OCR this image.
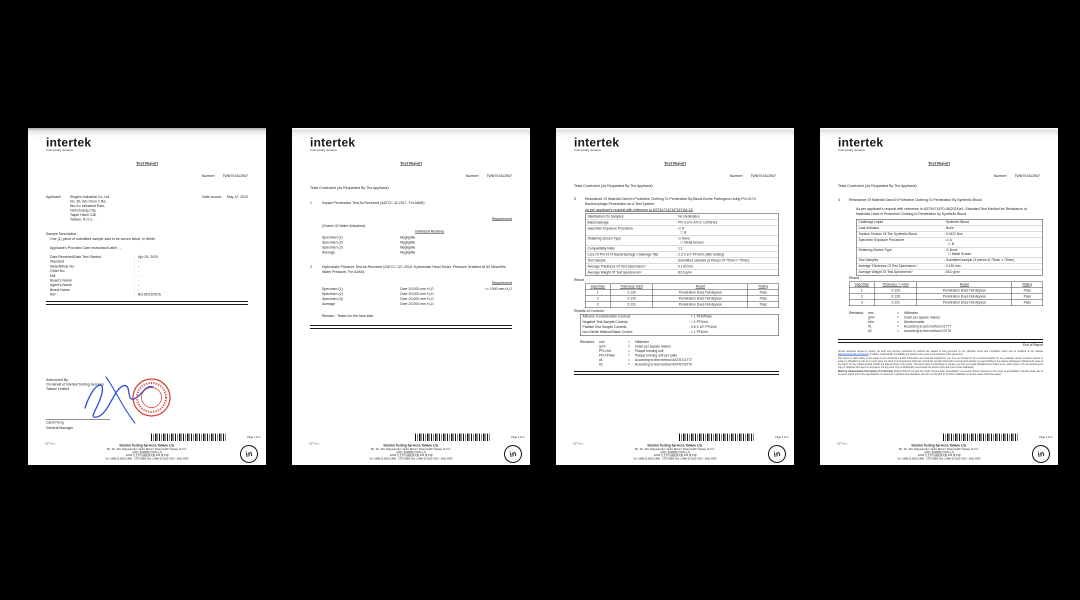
intertek
Total Quality. Assured.
Test Report
Number: TWNT01813957
Date Issued: May 12, 2020
Applicant: Singtex Industrial Co.,Ltd.
No. 30, Wu-Chun 2 Rd.,
Wu-Ku Industrial Park,
Hsinchuang City,
Taipei Hsien 248,
Taiwan, R.O.C.
Sample Description :
One (1) piece of submitted sample said to be woven fabric, in White.
Applicant's Provided Care Instruction/Label : -
Date Received/Date Test Started :	Apr 29, 2020
Standard :	-
Style/Article No. :	-
Order No. :	-
Mill :	-
Buyer's Name :	-
Agent's Name :	-
Brand Name :	-
Ref. :	BG-B02100C6
Authorized By:
On behalf of Intertek Testing Services
Taiwan Limited
Carol Peng
General Manager
ABT/smu
Page 1 of 4
Intertek Testing Services Taiwan Ltd.
8F., No. 423, Ruiguang Rd., Neihu District, Taipei 11492, Taiwan, R.O.C.
全國公證檢驗股份有限公司
11492 台北市內湖區瑞光路 423 號 8 樓
Tel: (+886-2) 6602-2888 · 2797-8885 Fax: (+886-2) 6602-2410 · 6602-2467
in
intertek
Total Quality. Assured.
Test Report
Number: TWNT01813957
Tests Conducted (As Requested By The Applicant):
1 Impact Penetration Test As Received (AATCC 42-2017, For AAMI):
Requirement
(Grams Of Water Absorbed)
Individual Reading
Specimen (1)	Negligible
Specimen (2)	Negligible
Specimen (3)	Negligible
Average	Negligible
2 Hydrostatic Pressure Test As Received (AATCC 127-2018, Hydrostatic Head Tester, Pressure Gradient At 60 Mbar/Min Water Pressure, For AAMI):
Requirement
>= 1000 mm H₂O
Specimen (1)	Over 20,000 mm H₂O
Specimen (2)	Over 20,000 mm H₂O
Specimen (3)	Over 20,000 mm H₂O
Average	Over 20,000 mm H₂O
Remark : Tested on the face side.
ABT/smu
Page 2 of 4
Intertek Testing Services Taiwan Ltd.
8F., No. 423, Ruiguang Rd., Neihu District, Taipei 11492, Taiwan, R.O.C.
全國公證檢驗股份有限公司
11492 台北市內湖區瑞光路 423 號 8 樓
Tel: (+886-2) 6602-2888 · 2797-8885 Fax: (+886-2) 6602-2410 · 6602-2467
in
intertek
Total Quality. Assured.
Test Report
Number: TWNT01813957
Tests Conducted (As Requested By The Applicant):
3 Resistance Of Material Used In Protective Clothing To Penetration By Blood-Borne Pathogens Using Phi-X174 Bacteriophage Penetration As A Test System:
As per applicant's request with reference to ASTM F1671/F1671M-13:
Sterilization On Samples	: No sterilization
Bacteriophage	: Phi-X174, ATCC 13706-B1
Specimen Exposure Procedure	: ☑ A
☐ B
Retaining Screen Type	: ☑ None
☐ Metal Screen
Compatibility Ratio	: 1:1
Loss Of Phi-X174 Bacteriophage Challenge Titer	: 2.3 X 10⁸ PFU/ml (after testing)
Test Sample	: Submitted samples (3 Pieces Of 75mm × 75mm)
Average Thickness Of Test Specimens⁽¹⁾	: 0.130 mm
Average Weight Of Test Specimens⁽²⁾	: 83.0 g/m²
Result :
Specimen	Thickness (mm)	Result	Rating
1	0.130	Penetration Does Not Appear	Pass
2	0.130	Penetration Does Not Appear	Pass
3	0.131	Penetration Does Not Appear	Pass
Results of Controls :
Airborne Contamination Controls	: < 1 PFU/Plate
Negative Test Sample Controls	: < 1 PFU/ml
Positive Test Sample Controls	: 3.6 X 10⁷ PFU/ml
Non-Sterile Material Blank Control	: < 1 PFU/ml
Remarks: mm =	Millimeter
g/m² =	Gram per square meters
PFU /ml =	Plaque forming unit
PFU /Plate =	Plaque forming unit per plate
#1 =	According to test method ASTM D1777
#2 =	According to test method ASTM D3776
ABT/smu
Page 3 of 4
Intertek Testing Services Taiwan Ltd.
8F., No. 423, Ruiguang Rd., Neihu District, Taipei 11492, Taiwan, R.O.C.
全國公證檢驗股份有限公司
11492 台北市內湖區瑞光路 423 號 8 樓
Tel: (+886-2) 6602-2888 · 2797-8885 Fax: (+886-2) 6602-2410 · 6602-2467
in
intertek
Total Quality. Assured.
Test Report
Number: TWNT01813957
Tests Conducted (As Requested By The Applicant):
4 Resistance Of Material Used In Protective Clothing To Penetration By Synthetic Blood
As per applicant's request with reference to ASTM F1670-08(2014)e1: Standard Test Method for Resistance of Materials Used in Protective Clothing to Penetration by Synthetic Blood.
Challenge Liquid	: Synthetic Blood
Leak Indicator	: None
Surface Tension Of The Synthetic Blood	: 0.0422 N/m
Specimen Exposure Procedure	: ☑ A
☐ B
Retaining Screen Type	: ☑ None
☐ Metal Screen
Test Samples	: Submitted sample (3 pieces of 75mm × 75mm)
Average Thickness Of Test Specimens⁽¹⁾	: 0.130 mm
Average Weight Of Test Specimens⁽²⁾	: 83.0 g/m²
Result :
Specimen	Thickness ⁽¹⁾ (mm)	Result	Rating
1	0.129	Penetration Does Not Appear	Pass
2	0.128	Penetration Does Not Appear	Pass
3	0.121	Penetration Does Not Appear	Pass
Remarks: mm =	Millimeter
g/m² =	Gram per square meters
N/m =	Newton/meter
#1 =	According to test method D1777
#2 =	According to test method D3776
End of Report

Unless otherwise agreed in writing, all work and services performed by Intertek are subject to and governed by our standard Terms and Conditions which can be obtained at our website http://www.intertek.com/terms/. Intertek's responsibility and liability are limited to the terms and conditions of the agreement.

This report is made solely on the basis of your instructions and/or information and materials supplied by you. It is not intended to be a recommendation for any particular course of action. Intertek is under no obligation to refer to or report upon any facts or circumstances which are outside the specific instructions received and accepts no responsibility to any parties whatsoever, following the issue of the report, for any matters arising outside the agreed scope of the works. This report does not discharge or release you from your legal obligations and duties to any other person. You are authorised to copy or distribute this report in its entirety, but any such copy or distribution must contain the whole report and must not be misleading.

Warning: Measurement Uncertainty of Conformity. Reports that do not bear the words "issued under accreditation" are issued without reference to the scope of accreditation. Results relate only to the items tested and to the specifications of customers, regulation and standards, and are not intended for product certification purposes unless otherwise stated.

ABT/smu
Page 4 of 4
Intertek Testing Services Taiwan Ltd.
8F., No. 423, Ruiguang Rd., Neihu District, Taipei 11492, Taiwan, R.O.C.
全國公證檢驗股份有限公司
11492 台北市內湖區瑞光路 423 號 8 樓
Tel: (+886-2) 6602-2888 · 2797-8885 Fax: (+886-2) 6602-2410 · 6602-2467
in
